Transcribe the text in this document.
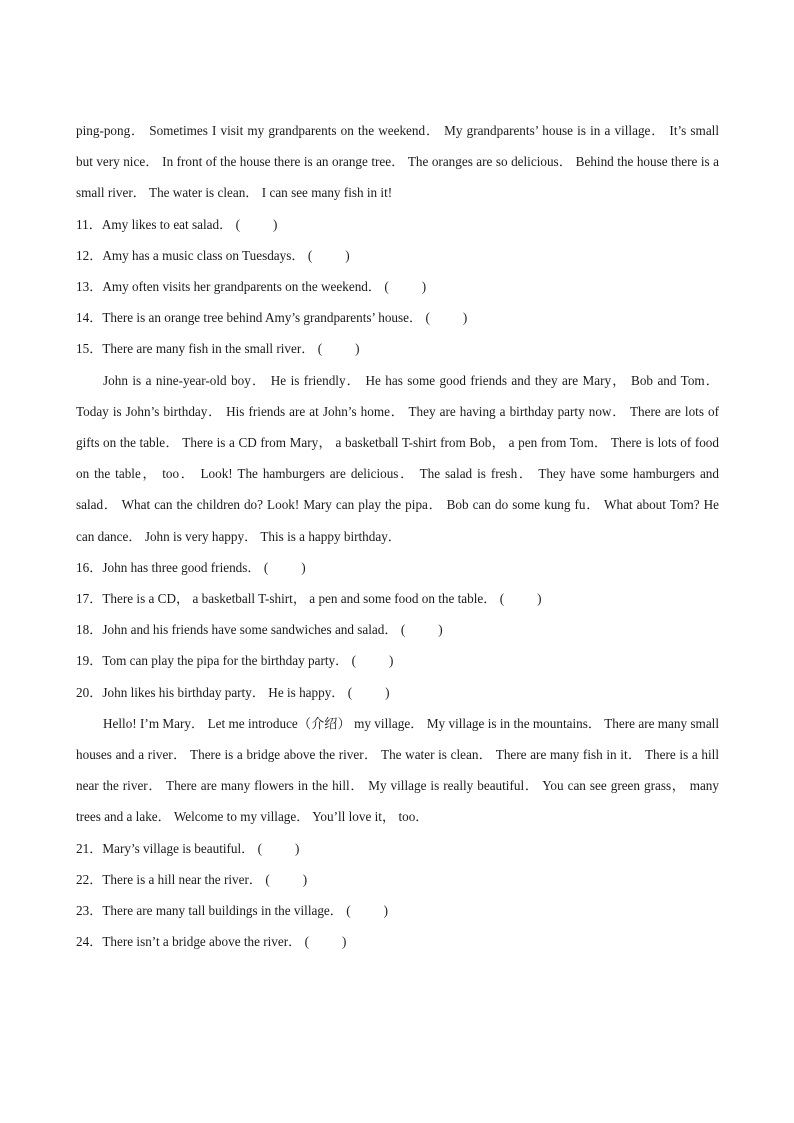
ping-pong． Sometimes I visit my grandparents on the weekend． My grandparents’ house is in a village． It’s small but very nice． In front of the house there is an orange tree． The oranges are so delicious． Behind the house there is a small river． The water is clean． I can see many fish in it!

11．Amy likes to eat salad． (          )

12．Amy has a music class on Tuesdays． (          )

13．Amy often visits her grandparents on the weekend． (          )

14．There is an orange tree behind Amy’s grandparents’ house． (          )

15．There are many fish in the small river． (          )

John is a nine-year-old boy． He is friendly． He has some good friends and they are Mary， Bob and Tom． Today is John’s birthday． His friends are at John’s home． They are having a birthday party now． There are lots of gifts on the table． There is a CD from Mary， a basketball T-shirt from Bob， a pen from Tom． There is lots of food on the table， too． Look! The hamburgers are delicious． The salad is fresh． They have some hamburgers and salad． What can the children do? Look! Mary can play the pipa． Bob can do some kung fu． What about Tom? He can dance． John is very happy． This is a happy birthday．

16．John has three good friends． (          )

17．There is a CD， a basketball T-shirt， a pen and some food on the table． (          )

18．John and his friends have some sandwiches and salad． (          )

19．Tom can play the pipa for the birthday party． (          )

20．John likes his birthday party． He is happy． (          )

Hello! I’m Mary． Let me introduce（介绍） my village． My village is in the mountains． There are many small houses and a river． There is a bridge above the river． The water is clean． There are many fish in it． There is a hill near the river． There are many flowers in the hill． My village is really beautiful． You can see green grass， many trees and a lake． Welcome to my village． You’ll love it， too．

21．Mary’s village is beautiful． (          )

22．There is a hill near the river． (          )

23．There are many tall buildings in the village． (          )

24．There isn’t a bridge above the river． (          )
